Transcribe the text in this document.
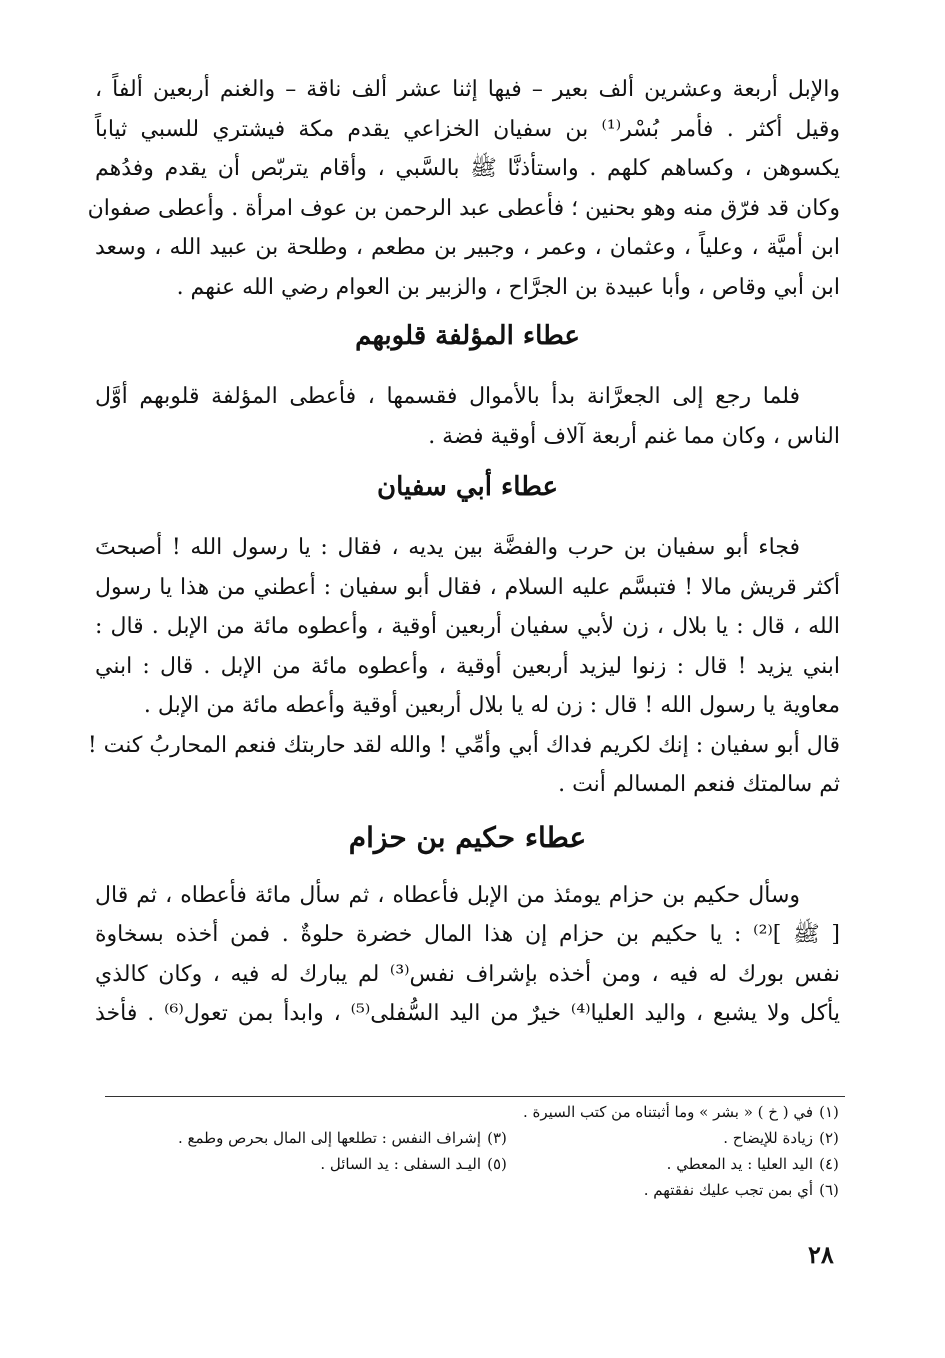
والإبل أربعة وعشرين ألف بعير – فيها إثنا عشر ألف ناقة – والغنم أربعين ألفاً ،
وقيل أكثر . فأمر بُسْر⁽¹⁾ بن سفيان الخزاعي يقدم مكة فيشتري للسبي ثياباً
يكسوهن ، وكساهم كلهم . واستأذنَّا ﷺ بالسَّبي ، وأقام يتربّص أن يقدم وفدُهم
وكان قد فرّق منه وهو بحنين ؛ فأعطى عبد الرحمن بن عوف امرأة . وأعطى صفوان
ابن أميَّة ، وعلياً ، وعثمان ، وعمر ، وجبير بن مطعم ، وطلحة بن عبيد الله ، وسعد
ابن أبي وقاص ، وأبا عبيدة بن الجرَّاح ، والزبير بن العوام رضي الله عنهم .

عطاء المؤلفة قلوبهم

فلما رجع إلى الجعرَّانة بدأ بالأموال فقسمها ، فأعطى المؤلفة قلوبهم أوَّل
الناس ، وكان مما غنم أربعة آلاف أوقية فضة .

عطاء أبي سفيان

فجاء أبو سفيان بن حرب والفضَّة بين يديه ، فقال : يا رسول الله ! أصبحتَ
أكثر قريش مالا ! فتبسَّم عليه السلام ، فقال أبو سفيان : أعطني من هذا يا رسول
الله ، قال : يا بلال ، زن لأبي سفيان أربعين أوقية ، وأعطوه مائة من الإبل . قال :
ابني يزيد ! قال : زنوا ليزيد أربعين أوقية ، وأعطوه مائة من الإبل . قال : ابني
معاوية يا رسول الله ! قال : زن له يا بلال أربعين أوقية وأعطه مائة من الإبل .
قال أبو سفيان : إنك لكريم فداك أبي وأمِّي ! والله لقد حاربتك فنعم المحاربُ كنت !
ثم سالمتك فنعم المسالم أنت .

عطاء حكيم بن حزام

وسأل حكيم بن حزام يومئذ من الإبل فأعطاه ، ثم سأل مائة فأعطاه ، ثم قال
[ ﷺ ]⁽²⁾ : يا حكيم بن حزام إن هذا المال خضرة حلوةٌ . فمن أخذه بسخاوة
نفس بورك له فيه ، ومن أخذه بإشراف نفس⁽³⁾ لم يبارك له فيه ، وكان كالذي
يأكل ولا يشبع ، واليد العليا⁽⁴⁾ خيرٌ من اليد السُّفلى⁽⁵⁾ ، وابدأ بمن تعول⁽⁶⁾ . فأخذ

(١)
في ( خ ) « بشر » وما أثبتناه من كتب السيرة .
(٢)
زيادة للإيضاح .
(٣)
إشراف النفس : تطلعها إلى المال بحرص وطمع .
(٤)
اليد العليا : يد المعطي .
(٥)
اليـد السفلى : يد السائل .
(٦)
أي بمن تجب عليك نفقتهم .
٢٨
